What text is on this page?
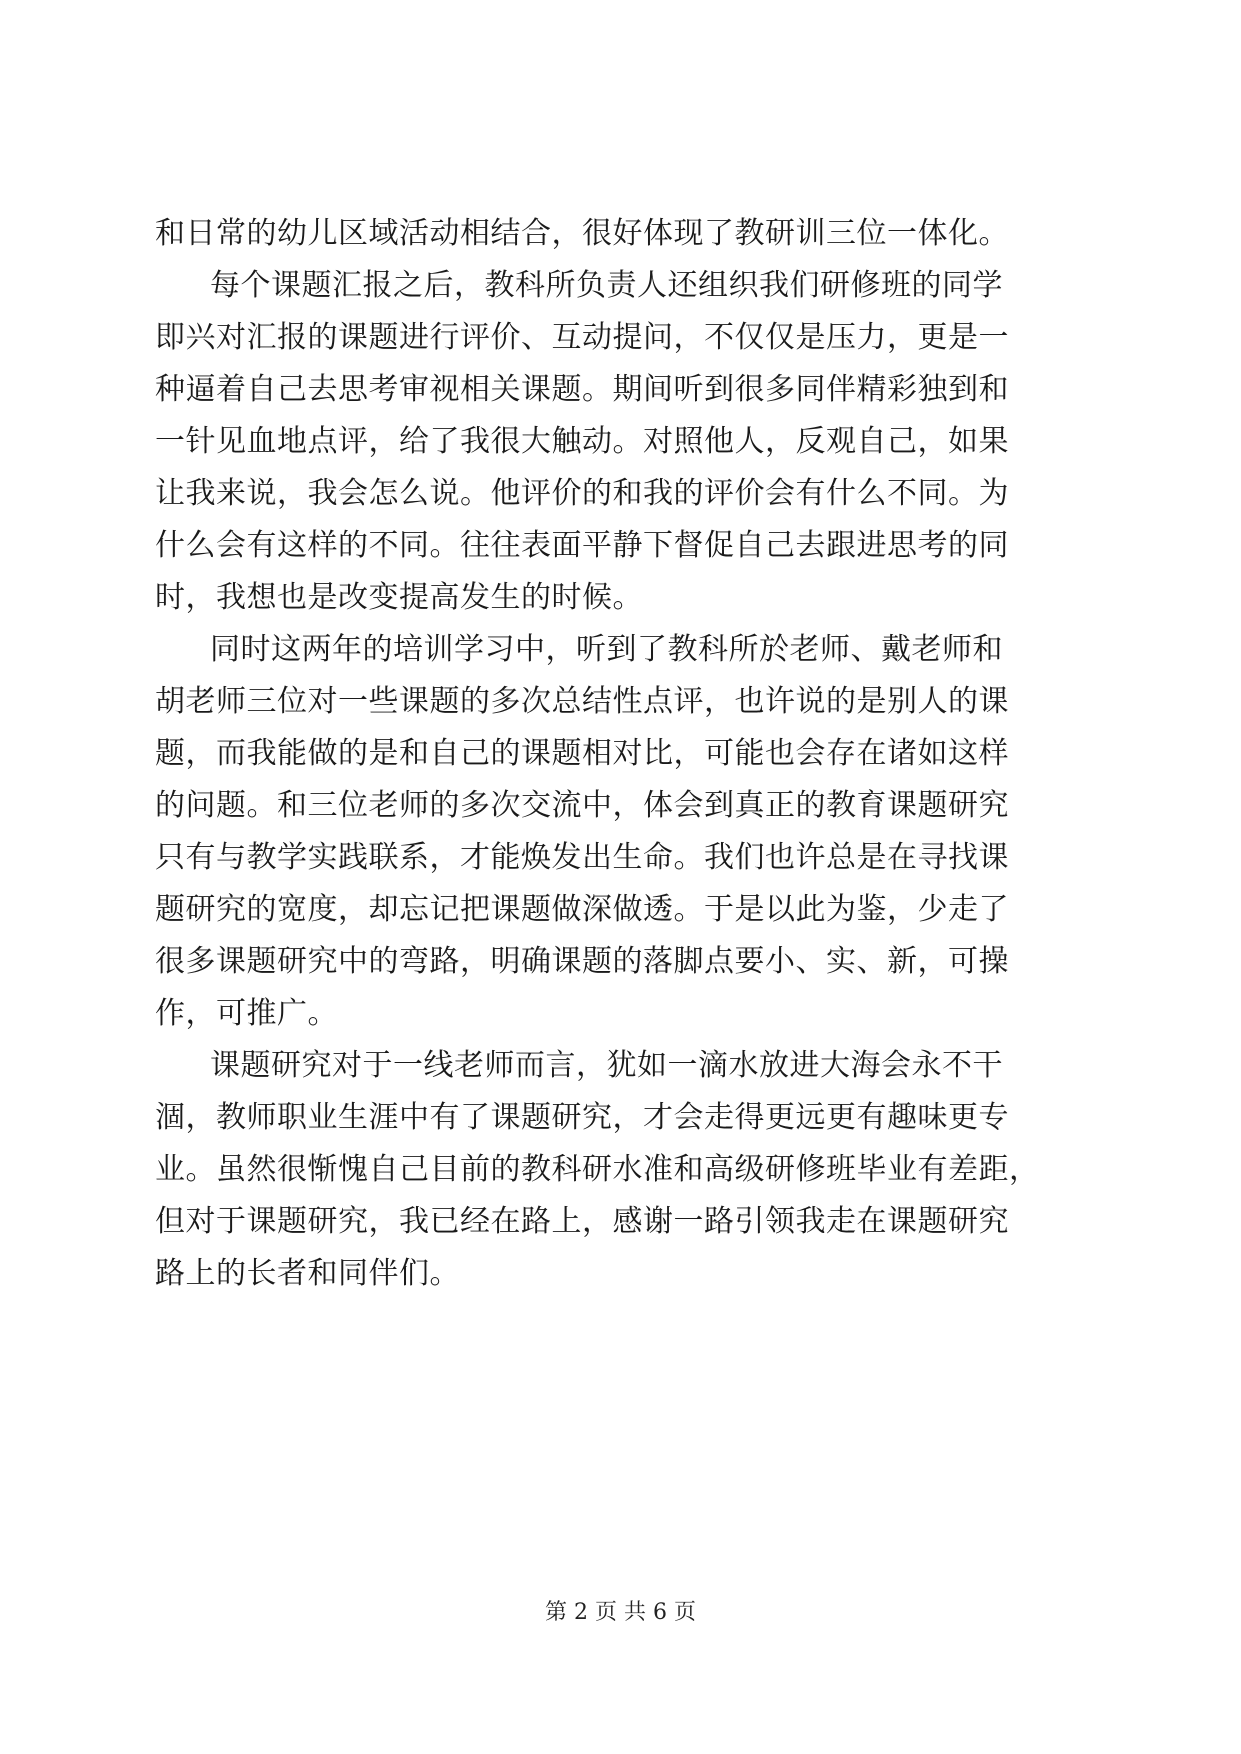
和日常的幼儿区域活动相结合，很好体现了教研训三位一体化。
每个课题汇报之后，教科所负责人还组织我们研修班的同学
即兴对汇报的课题进行评价、互动提问，不仅仅是压力，更是一
种逼着自己去思考审视相关课题。期间听到很多同伴精彩独到和
一针见血地点评，给了我很大触动。对照他人，反观自己，如果
让我来说，我会怎么说。他评价的和我的评价会有什么不同。为
什么会有这样的不同。往往表面平静下督促自己去跟进思考的同
时，我想也是改变提高发生的时候。
同时这两年的培训学习中，听到了教科所於老师、戴老师和
胡老师三位对一些课题的多次总结性点评，也许说的是别人的课
题，而我能做的是和自己的课题相对比，可能也会存在诸如这样
的问题。和三位老师的多次交流中，体会到真正的教育课题研究
只有与教学实践联系，才能焕发出生命。我们也许总是在寻找课
题研究的宽度，却忘记把课题做深做透。于是以此为鉴，少走了
很多课题研究中的弯路，明确课题的落脚点要小、实、新，可操
作，可推广。
课题研究对于一线老师而言，犹如一滴水放进大海会永不干
涸，教师职业生涯中有了课题研究，才会走得更远更有趣味更专
业。虽然很惭愧自己目前的教科研水准和高级研修班毕业有差距，
但对于课题研究，我已经在路上，感谢一路引领我走在课题研究
路上的长者和同伴们。
第 2 页 共 6 页
